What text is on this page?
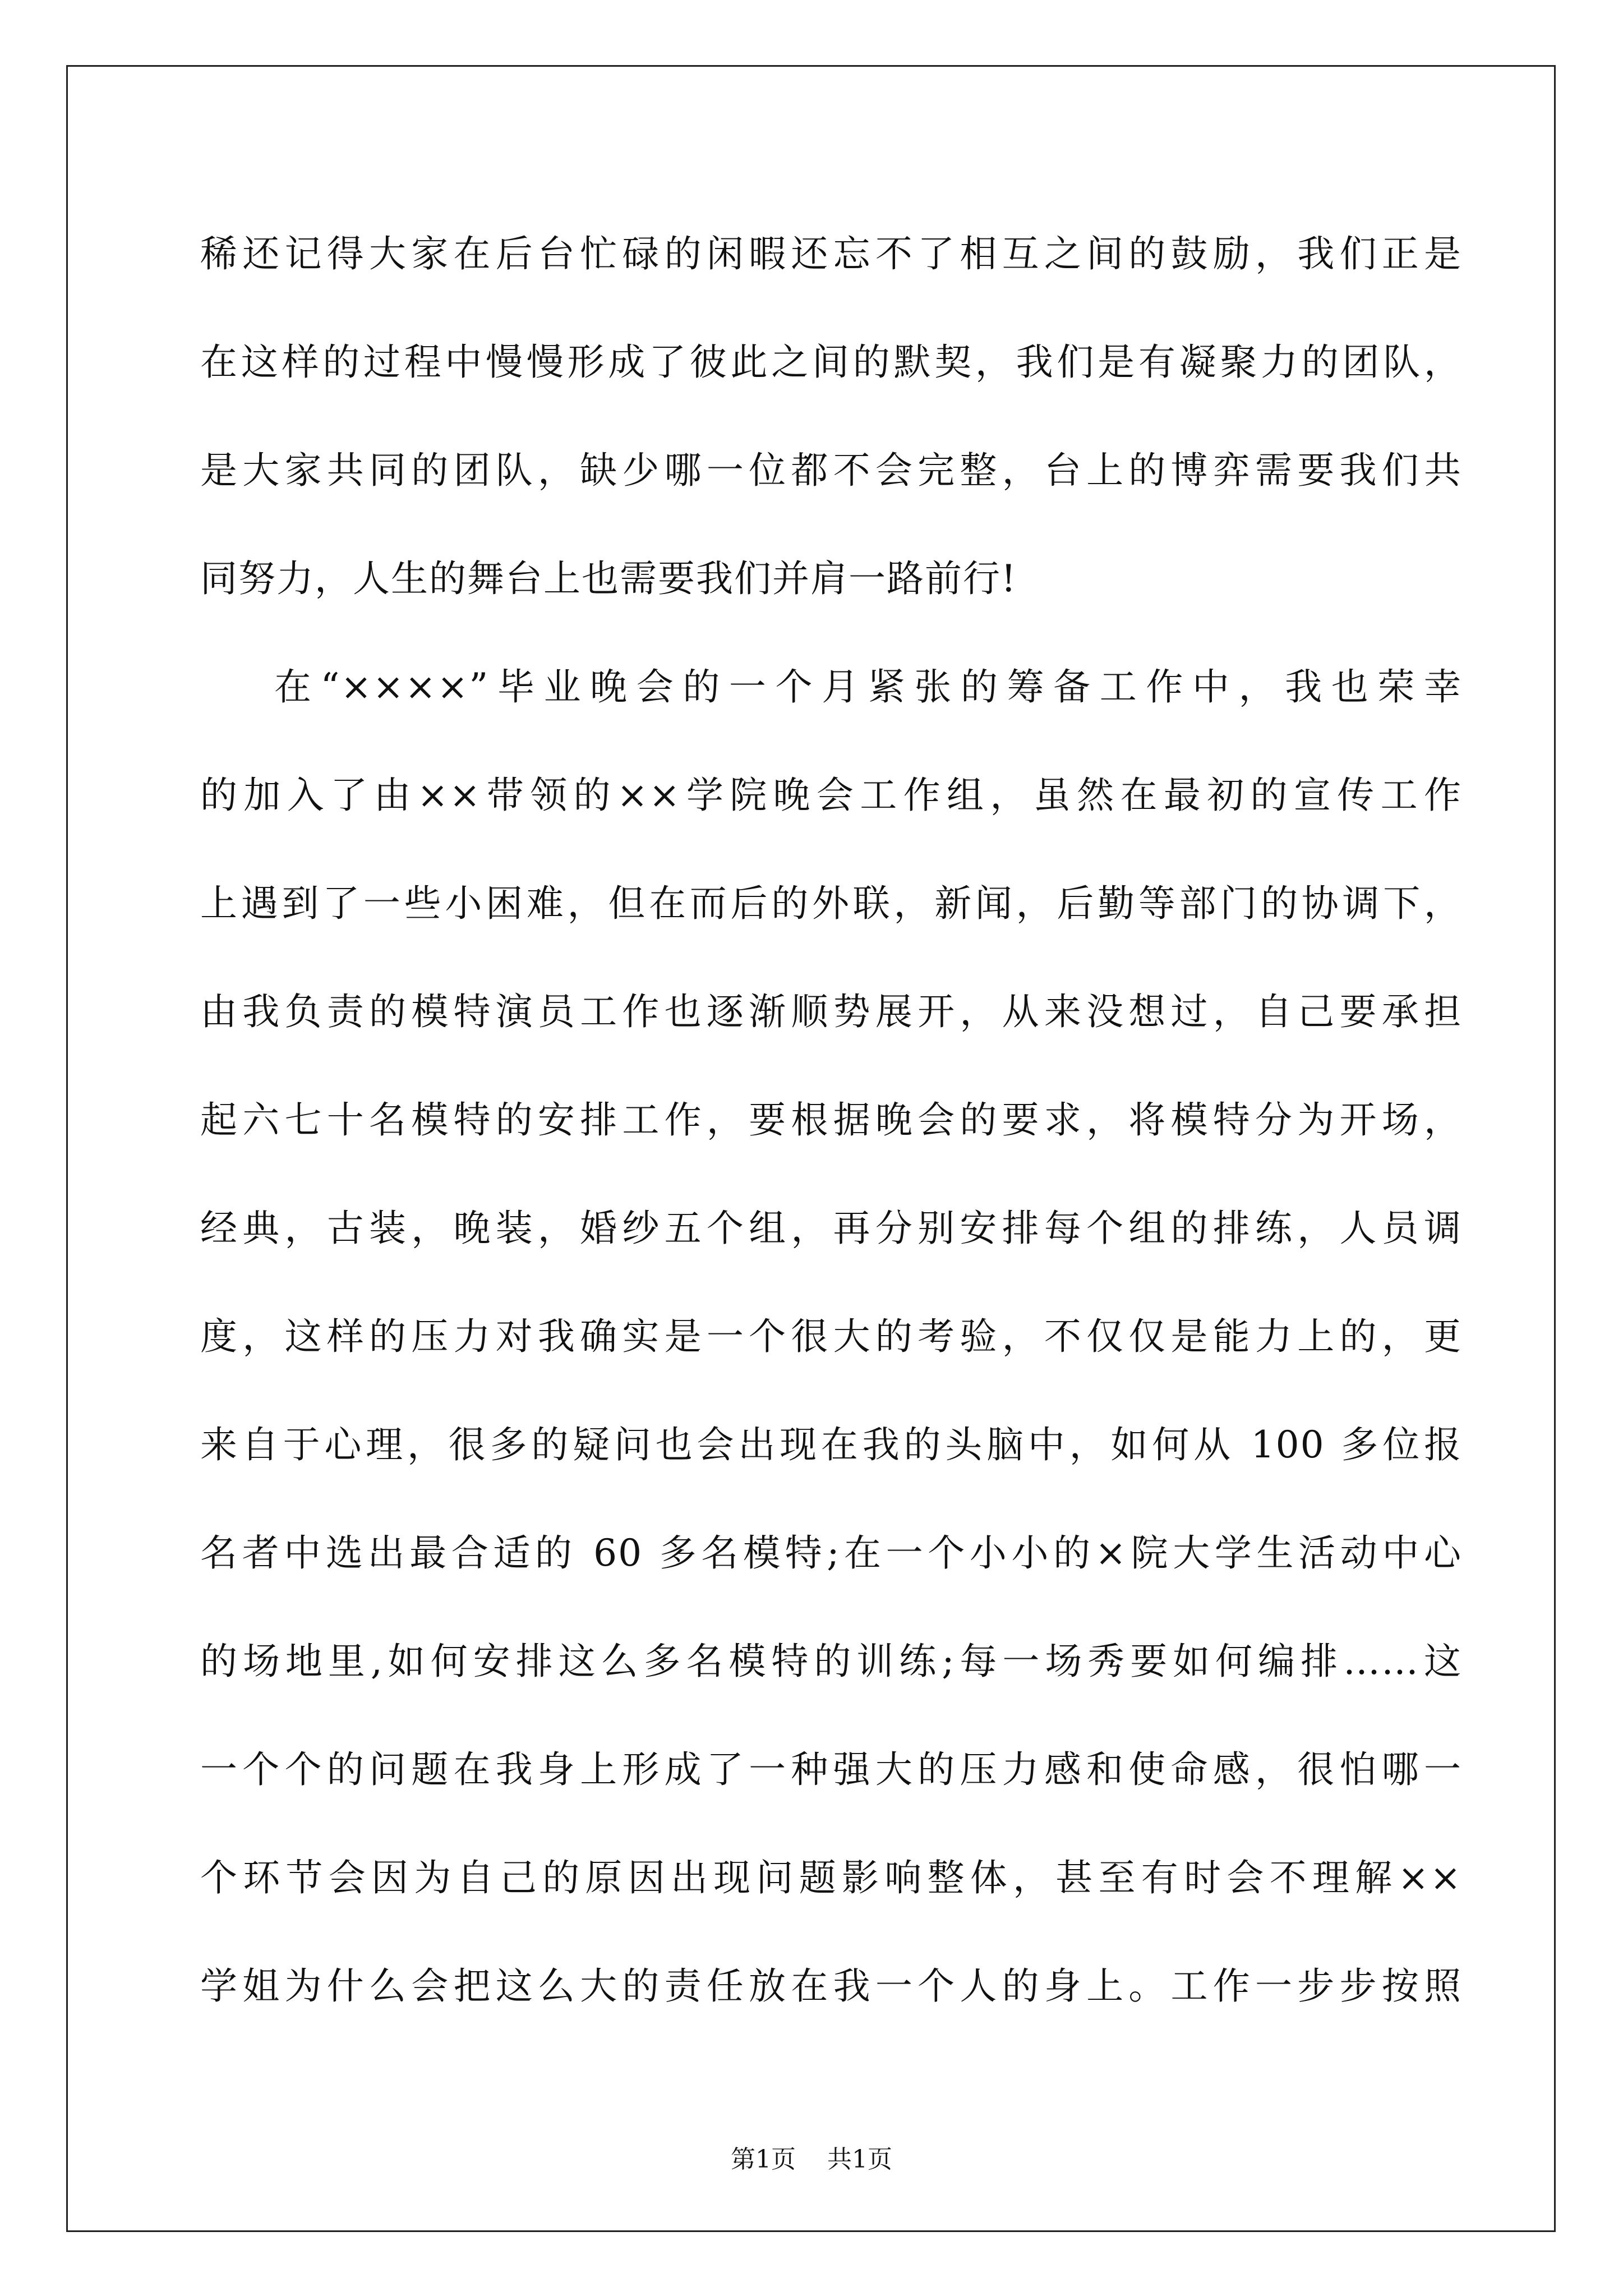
稀还记得大家在后台忙碌的闲暇还忘不了相互之间的鼓励，我们正是
在这样的过程中慢慢形成了彼此之间的默契，我们是有凝聚力的团队，
是大家共同的团队，缺少哪一位都不会完整，台上的博弈需要我们共
同努力，人生的舞台上也需要我们并肩一路前行!
在“××××”毕业晚会的一个月紧张的筹备工作中，我也荣幸
的加入了由××带领的××学院晚会工作组，虽然在最初的宣传工作
上遇到了一些小困难，但在而后的外联，新闻，后勤等部门的协调下，
由我负责的模特演员工作也逐渐顺势展开，从来没想过，自己要承担
起六七十名模特的安排工作，要根据晚会的要求，将模特分为开场，
经典，古装，晚装，婚纱五个组，再分别安排每个组的排练，人员调
度，这样的压力对我确实是一个很大的考验，不仅仅是能力上的，更
来自于心理，很多的疑问也会出现在我的头脑中，如何从 100 多位报
名者中选出最合适的 60 多名模特;在一个小小的×院大学生活动中心
的场地里,如何安排这么多名模特的训练;每一场秀要如何编排……这
一个个的问题在我身上形成了一种强大的压力感和使命感，很怕哪一
个环节会因为自己的原因出现问题影响整体，甚至有时会不理解××
学姐为什么会把这么大的责任放在我一个人的身上。工作一步步按照
第1页 共1页
